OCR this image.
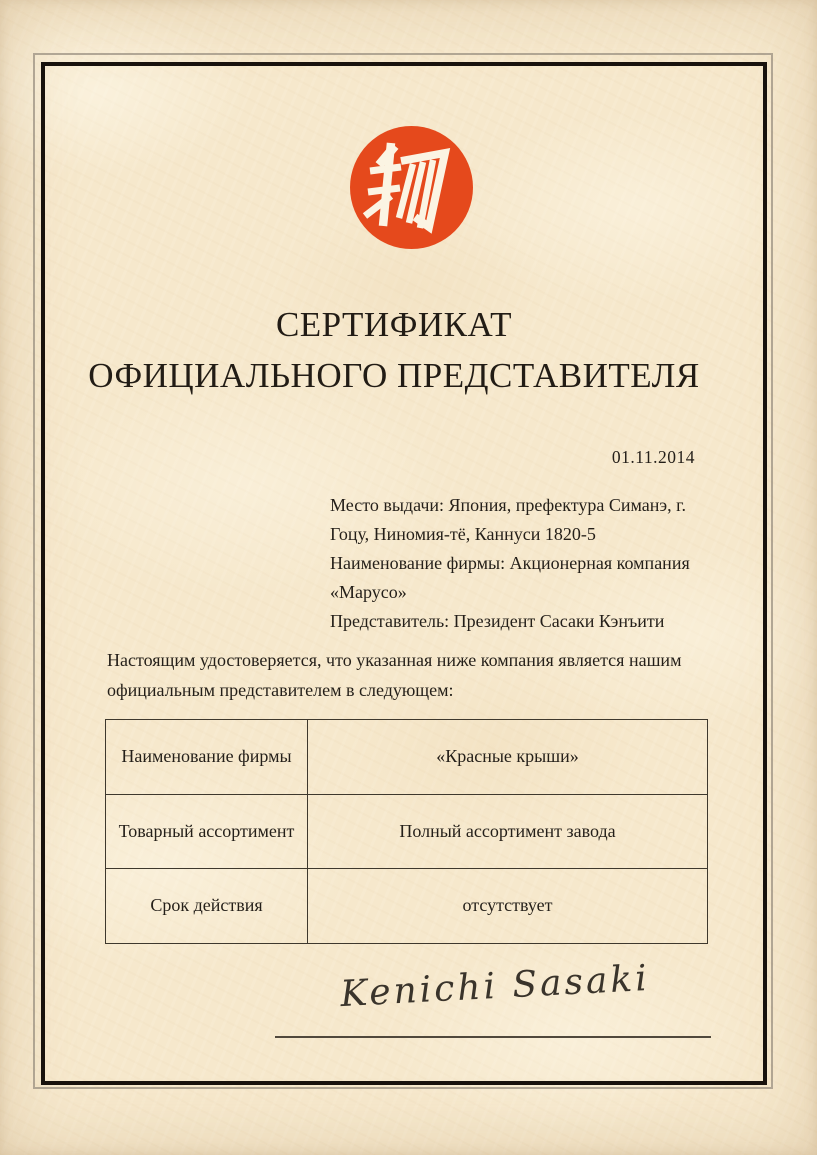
СЕРТИФИКАТ
ОФИЦИАЛЬНОГО ПРЕДСТАВИТЕЛЯ
01.11.2014
Место выдачи: Япония, префектура Симанэ, г.
Гоцу, Ниномия-тё, Каннуси 1820-5
Наименование фирмы: Акционерная компания
«Марусо»
Представитель: Президент Сасаки Кэнъити
Настоящим удостоверяется, что указанная ниже компания является нашим
официальным представителем в следующем:
Наименование фирмы	«Красные крыши»
Товарный ассортимент	Полный ассортимент завода
Срок действия	отсутствует
Kenichi Sasaki
